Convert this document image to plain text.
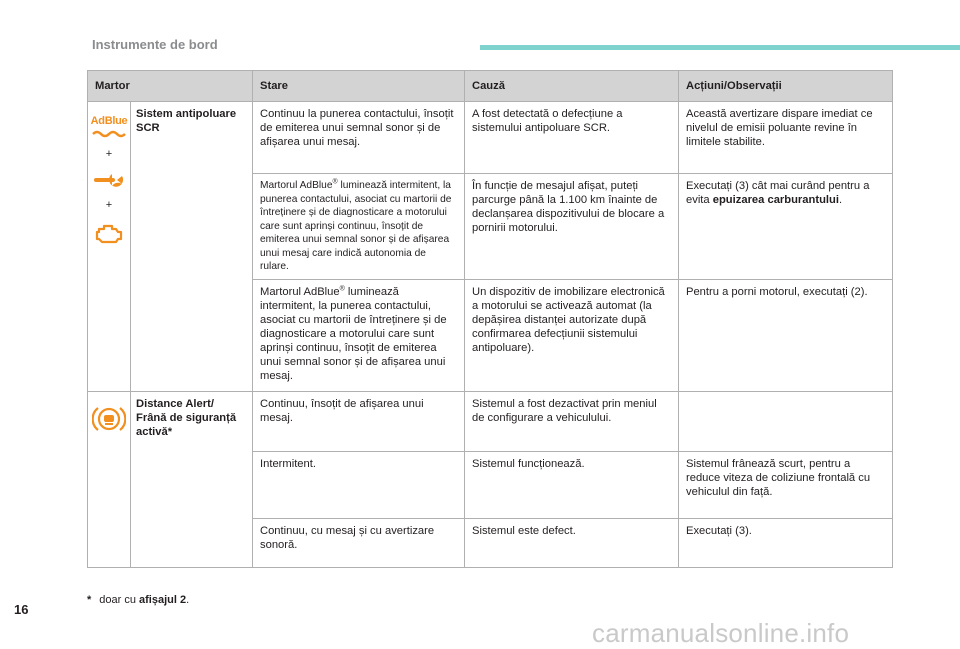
Instrumente de bord
Martor		Stare	Cauză	Acțiuni/Observații

AdBlue
+
+	Sistem antipoluare SCR	Continuu la punerea contactului, însoțit de emiterea unui semnal sonor și de afișarea unui mesaj.	A fost detectată o defecțiune a sistemului antipoluare SCR.	Această avertizare dispare imediat ce nivelul de emisii poluante revine în limitele stabilite.
		Martorul AdBlue® luminează intermitent, la punerea contactului, asociat cu martorii de întreținere și de diagnosticare a motorului care sunt aprinși continuu, însoțit de emiterea unui semnal sonor și de afișarea unui mesaj care indică autonomia de rulare.	În funcție de mesajul afișat, puteți parcurge până la 1.100 km înainte de declanșarea dispozitivului de blocare a pornirii motorului.	Executați (3) cât mai curând pentru a evita epuizarea carburantului.
		Martorul AdBlue® luminează intermitent, la punerea contactului, asociat cu martorii de întreținere și de diagnosticare a motorului care sunt aprinși continuu, însoțit de emiterea unui semnal sonor și de afișarea unui mesaj.	Un dispozitiv de imobilizare electronică a motorului se activează automat (la depășirea distanței autorizate după confirmarea defecțiunii sistemului antipoluare).	Pentru a porni motorul, executați (2).

	Distance Alert/ Frână de siguranță activă*	Continuu, însoțit de afișarea unui mesaj.	Sistemul a fost dezactivat prin meniul de configurare a vehiculului.	
		Intermitent.	Sistemul funcționează.	Sistemul frânează scurt, pentru a reduce viteza de coliziune frontală cu vehiculul din față.
		Continuu, cu mesaj și cu avertizare sonoră.	Sistemul este defect.	Executați (3).
* doar cu afișajul 2.
16
carmanualsonline.info
